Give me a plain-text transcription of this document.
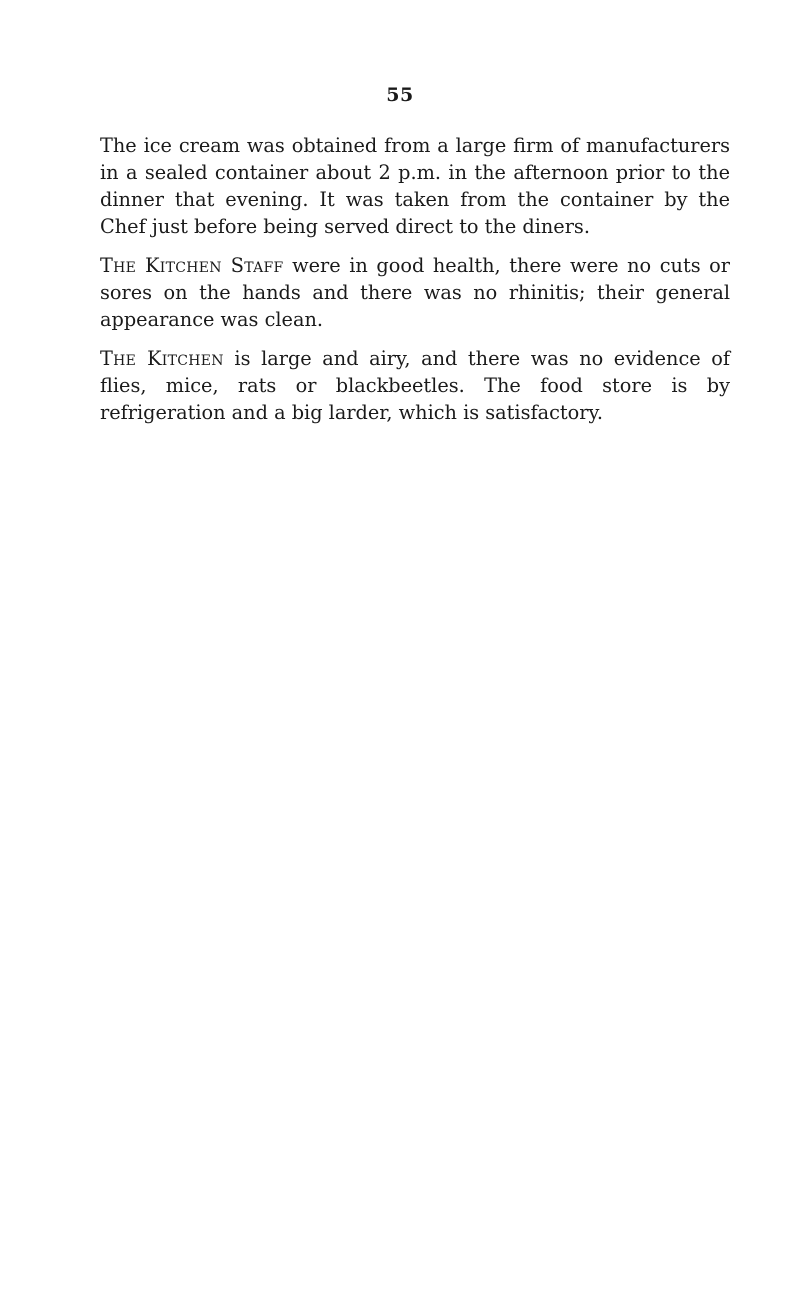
55

The ice cream was obtained from a large firm of manufacturers in a sealed container about 2 p.m. in the afternoon prior to the dinner that evening. It was taken from the container by the Chef just before being served direct to the diners.

The Kitchen Staff were in good health, there were no cuts or sores on the hands and there was no rhinitis; their general appearance was clean.

The Kitchen is large and airy, and there was no evidence of flies, mice, rats or blackbeetles. The food store is by refrigeration and a big larder, which is satisfactory.
